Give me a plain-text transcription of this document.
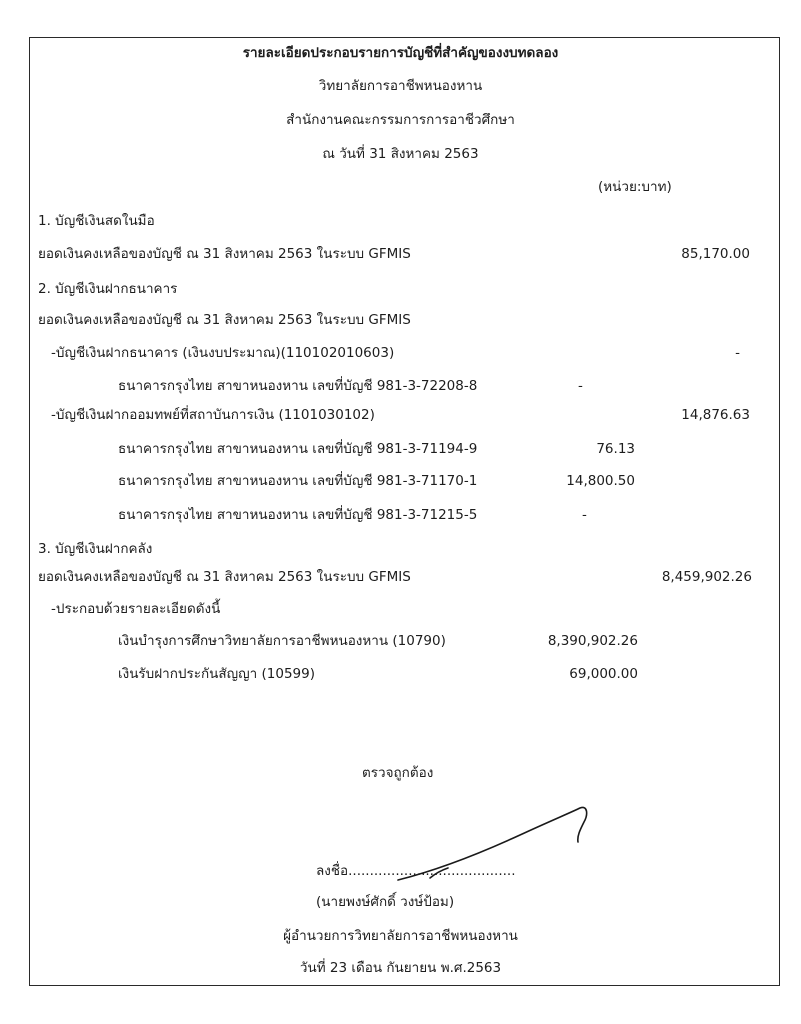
รายละเอียดประกอบรายการบัญชีที่สำคัญของงบทดลอง
วิทยาลัยการอาชีพหนองหาน
สำนักงานคณะกรรมการการอาชีวศึกษา
ณ วันที่ 31 สิงหาคม 2563
(หน่วย:บาท)
1. บัญชีเงินสดในมือ
ยอดเงินคงเหลือของบัญชี ณ 31 สิงหาคม 2563 ในระบบ GFMIS	85,170.00
2. บัญชีเงินฝากธนาคาร
ยอดเงินคงเหลือของบัญชี ณ 31 สิงหาคม 2563 ในระบบ GFMIS
-บัญชีเงินฝากธนาคาร (เงินงบประมาณ)(110102010603)	-
ธนาคารกรุงไทย สาขาหนองหาน เลขที่บัญชี 981-3-72208-8	-
-บัญชีเงินฝากออมทพย์ที่สถาบันการเงิน (1101030102)	14,876.63
ธนาคารกรุงไทย สาขาหนองหาน เลขที่บัญชี 981-3-71194-9	76.13
ธนาคารกรุงไทย สาขาหนองหาน เลขที่บัญชี 981-3-71170-1	14,800.50
ธนาคารกรุงไทย สาขาหนองหาน เลขที่บัญชี 981-3-71215-5	-
3. บัญชีเงินฝากคลัง
ยอดเงินคงเหลือของบัญชี ณ 31 สิงหาคม 2563 ในระบบ GFMIS	8,459,902.26
-ประกอบด้วยรายละเอียดดังนี้
เงินบำรุงการศึกษาวิทยาลัยการอาชีพหนองหาน (10790)	8,390,902.26
เงินรับฝากประกันสัญญา (10599)	69,000.00
ตรวจถูกต้อง
ลงชื่อ.......................................
(นายพงษ์ศักดิ์ วงษ์ป้อม)
ผู้อำนวยการวิทยาลัยการอาชีพหนองหาน
วันที่ 23 เดือน กันยายน พ.ศ.2563
